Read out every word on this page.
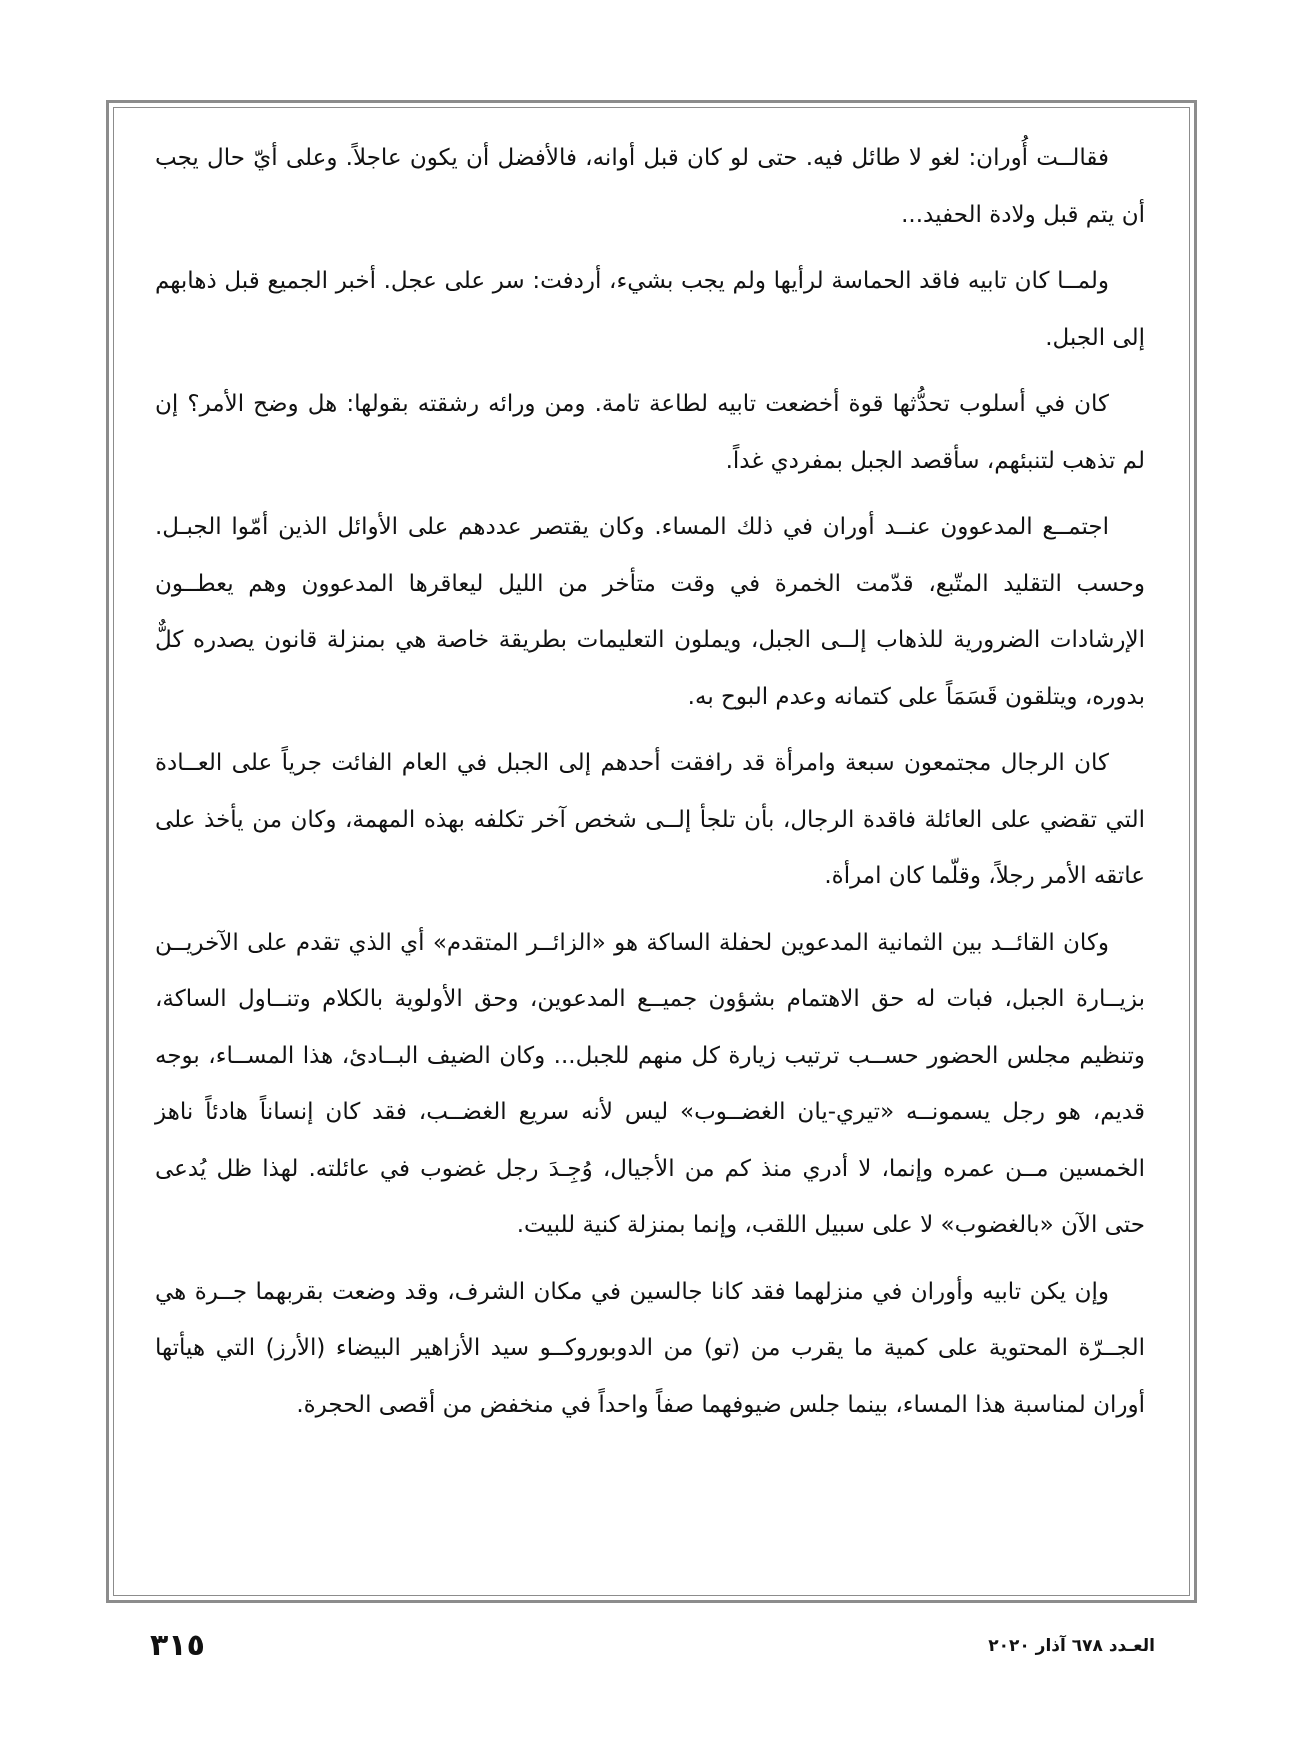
فقالــت أُوران: لغو لا طائل فيه. حتى لو كان قبل أوانه، فالأفضل أن يكون عاجلاً. وعلى أيّ حال يجب أن يتم قبل ولادة الحفيد...

ولمــا كان تابيه فاقد الحماسة لرأيها ولم يجب بشيء، أردفت: سر على عجل. أخبر الجميع قبل ذهابهم إلى الجبل.

كان في أسلوب تحدُّثها قوة أخضعت تابيه لطاعة تامة. ومن ورائه رشقته بقولها: هل وضح الأمر؟ إن لم تذهب لتنبئهم، سأقصد الجبل بمفردي غداً.

اجتمــع المدعوون عنــد أوران في ذلك المساء. وكان يقتصر عددهم على الأوائل الذين أمّوا الجبـل. وحسب التقليد المتّبع، قدّمت الخمرة في وقت متأخر من الليل ليعاقرها المدعوون وهم يعطــون الإرشادات الضرورية للذهاب إلــى الجبل، ويملون التعليمات بطريقة خاصة هي بمنزلة قانون يصدره كلٌّ بدوره، ويتلقون قَسَمَاً على كتمانه وعدم البوح به.

كان الرجال مجتمعون سبعة وامرأة قد رافقت أحدهم إلى الجبل في العام الفائت جرياً على العــادة التي تقضي على العائلة فاقدة الرجال، بأن تلجأ إلــى شخص آخر تكلفه بهذه المهمة، وكان من يأخذ على عاتقه الأمر رجلاً، وقلّما كان امرأة.

وكان القائــد بين الثمانية المدعوين لحفلة الساكة هو «الزائــر المتقدم» أي الذي تقدم على الآخريــن بزيــارة الجبل، فبات له حق الاهتمام بشؤون جميــع المدعوين، وحق الأولوية بالكلام وتنــاول الساكة، وتنظيم مجلس الحضور حســب ترتيب زيارة كل منهم للجبل... وكان الضيف البــادئ، هذا المســاء، بوجه قديم، هو رجل يسمونــه «تيري-يان الغضــوب» ليس لأنه سريع الغضــب، فقد كان إنساناً هادئاً ناهز الخمسين مــن عمره وإنما، لا أدري منذ كم من الأجيال، وُجِـدَ رجل غضوب في عائلته. لهذا ظل يُدعى حتى الآن «بالغضوب» لا على سبيل اللقب، وإنما بمنزلة كنية للبيت.

وإن يكن تابيه وأوران في منزلهما فقد كانا جالسين في مكان الشرف، وقد وضعت بقربهما جــرة هي الجــرّة المحتوية على كمية ما يقرب من (تو) من الدوبوروكــو سيد الأزاهير البيضاء (الأرز) التي هيأتها أوران لمناسبة هذا المساء، بينما جلس ضيوفهما صفاً واحداً في منخفض من أقصى الحجرة.

٣١٥	العـدد ٦٧٨ آذار ٢٠٢٠
